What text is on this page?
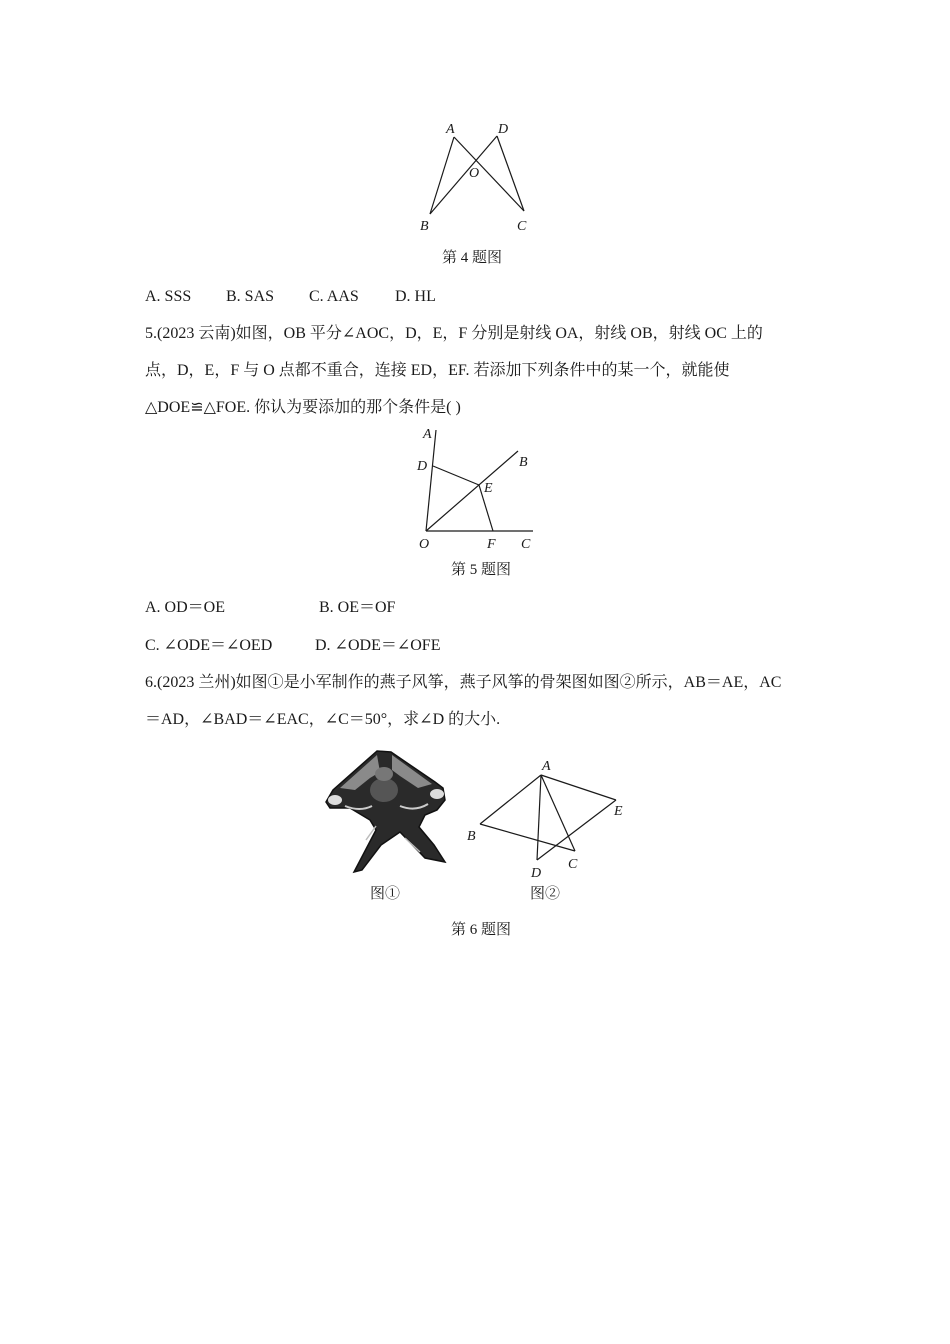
A	D
O
B	C
第 4 题图
A. SSS B. SAS C. AAS D. HL
5.(2023 云南)如图，OB 平分∠AOC，D，E，F 分别是射线 OA，射线 OB，射线 OC 上的
点，D，E，F 与 O 点都不重合，连接 ED，EF. 若添加下列条件中的某一个，就能使
△DOE≌△FOE. 你认为要添加的那个条件是( )
A
B
D
E
O	F C
第 5 题图
A. OD＝OE	B. OE＝OF
C. ∠ODE＝∠OED	D. ∠ODE＝∠OFE
6.(2023 兰州)如图①是小军制作的燕子风筝，燕子风筝的骨架图如图②所示，AB＝AE，AC
＝AD，∠BAD＝∠EAC，∠C＝50°，求∠D 的大小.
A
B
E
D
C
图①	图②
第 6 题图
